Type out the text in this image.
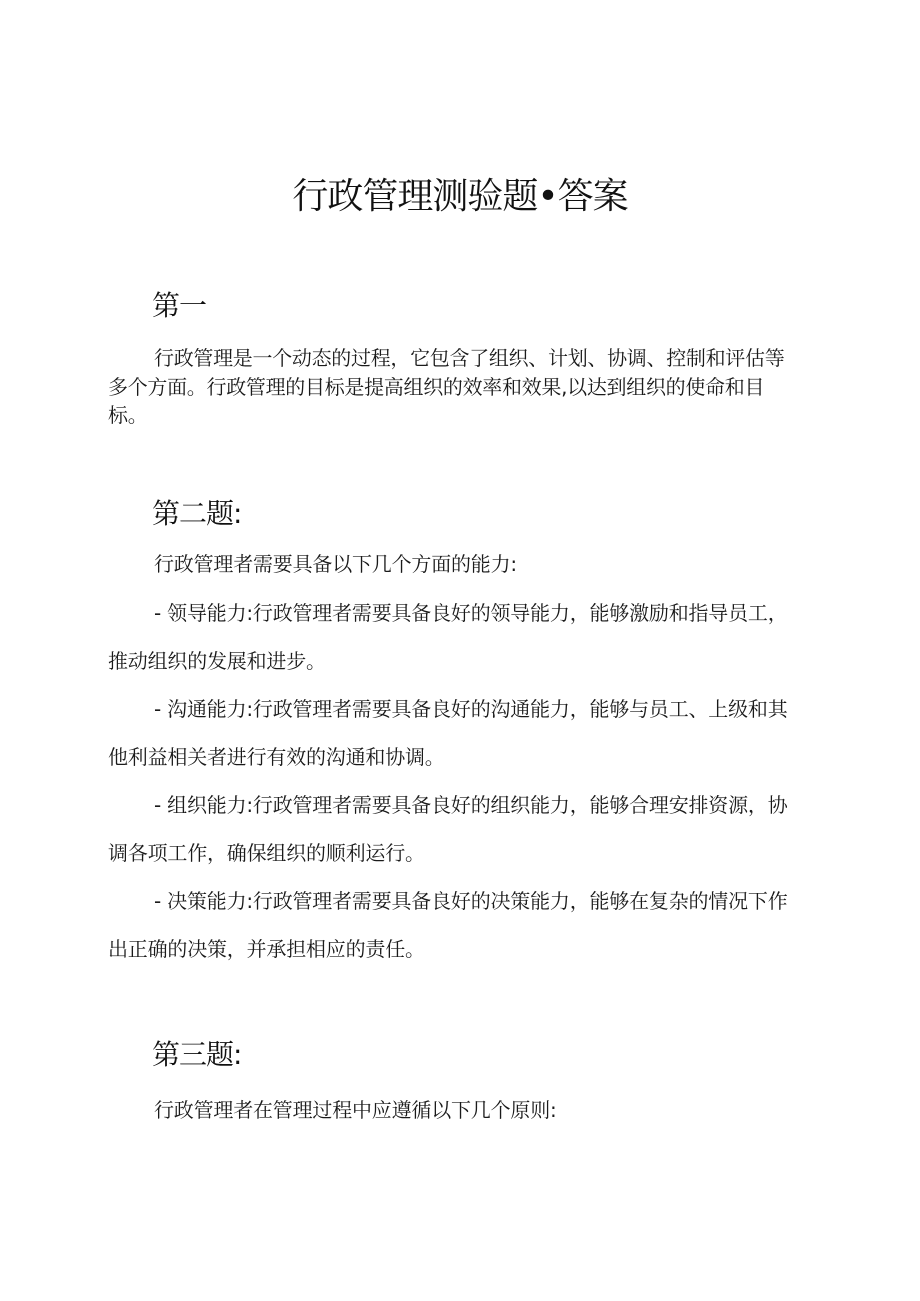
行政管理测验题•答案
第一

行政管理是一个动态的过程，它包含了组织、计划、协调、控制和评估等多个方面。行政管理的目标是提高组织的效率和效果,以达到组织的使命和目标。

第二题:

行政管理者需要具备以下几个方面的能力:

- 领导能力:行政管理者需要具备良好的领导能力，能够激励和指导员工，推动组织的发展和进步。

- 沟通能力:行政管理者需要具备良好的沟通能力，能够与员工、上级和其他利益相关者进行有效的沟通和协调。

- 组织能力:行政管理者需要具备良好的组织能力，能够合理安排资源，协调各项工作，确保组织的顺利运行。

- 决策能力:行政管理者需要具备良好的决策能力，能够在复杂的情况下作出正确的决策，并承担相应的责任。

第三题:

行政管理者在管理过程中应遵循以下几个原则:
